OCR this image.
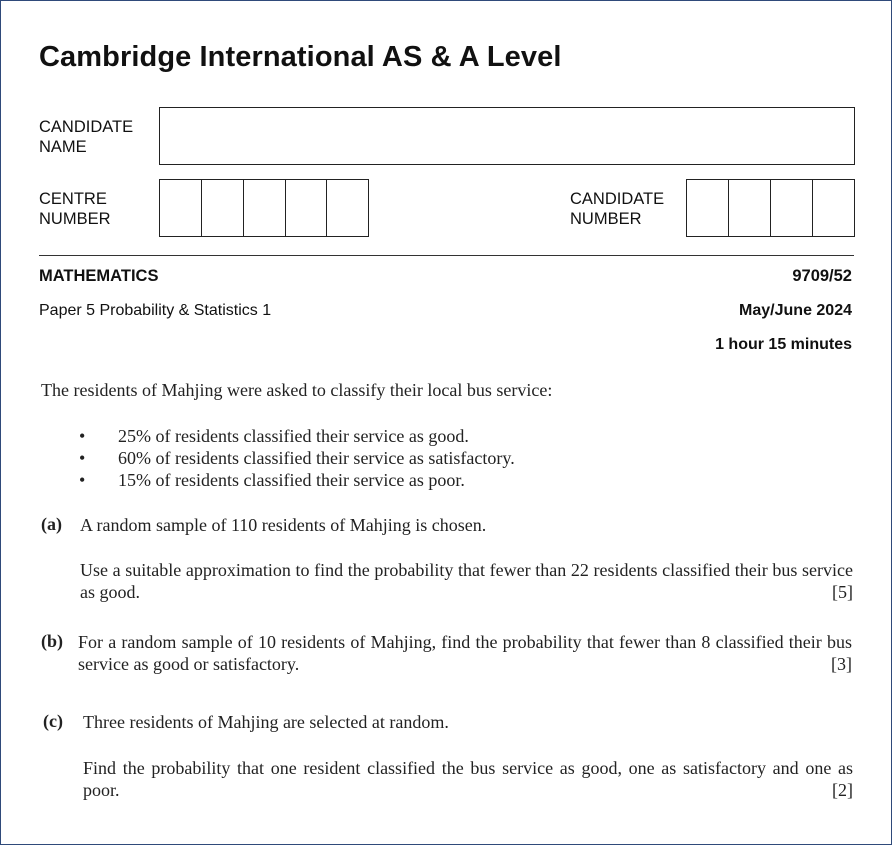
Cambridge International AS & A Level
CANDIDATE
NAME
CENTRE
NUMBER
CANDIDATE
NUMBER
MATHEMATICS	9709/52
Paper 5 Probability & Statistics 1	May/June 2024
1 hour 15 minutes
The residents of Mahjing were asked to classify their local bus service:
• 25% of residents classified their service as good.
• 60% of residents classified their service as satisfactory.
• 15% of residents classified their service as poor.
(a) A random sample of 110 residents of Mahjing is chosen.
Use a suitable approximation to find the probability that fewer than 22 residents classified their bus service as good.	[5]
(b) For a random sample of 10 residents of Mahjing, find the probability that fewer than 8 classified their bus service as good or satisfactory.	[3]
(c) Three residents of Mahjing are selected at random.
Find the probability that one resident classified the bus service as good, one as satisfactory and one as poor.	[2]
